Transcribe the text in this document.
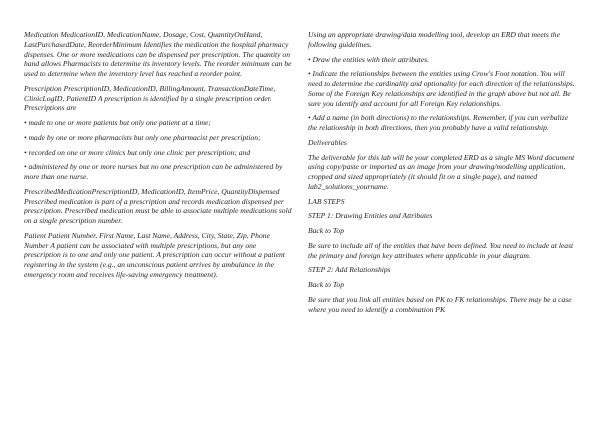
Medication MedicationID, MedicationName, Dosage, Cost, QuantityOnHand, LastPurchasedDate, ReorderMinimum Identifies the medication the hospital pharmacy dispenses. One or more medications can be dispensed per prescription. The quantity on hand allows Pharmacists to determine its inventory levels. The reorder minimum can be used to determine when the inventory level has reached a reorder point.

Prescription PrescriptionID, MedicationID, BillingAmount, TransactionDateTime, ClinicLogID, PatientID A prescription is identified by a single prescription order. Prescriptions are

• made to one or more patients but only one patient at a time;

• made by one or more pharmacists but only one pharmacist per prescription;

• recorded on one or more clinics but only one clinic per prescription; and

• administered by one or more nurses but no one prescription can be administered by more than one nurse.

PrescribedMedicationPrescriptionID, MedicationID, ItemPrice, QuantityDispensed Prescribed medication is part of a prescription and records medication dispensed per prescription. Prescribed medication must be able to associate multiple medications sold on a single prescription number.

Patient Patient Number, First Name, Last Name, Address, City, State, Zip, Phone Number A patient can be associated with multiple prescriptions, but any one prescription is to one and only one patient. A prescription can occur without a patient registering in the system (e.g., an unconscious patient arrives by ambulance in the emergency room and receives life-saving emergency treatment).

Using an appropriate drawing/data modelling tool, develop an ERD that meets the following guidelines.

• Draw the entities with their attributes.

• Indicate the relationships between the entities using Crow's Foot notation. You will need to determine the cardinality and optionality for each direction of the relationships. Some of the Foreign Key relationships are identified in the graph above but not all. Be sure you identify and account for all Foreign Key relationships.

• Add a name (in both directions) to the relationships. Remember, if you can verbalize the relationship in both directions, then you probably have a valid relationship.

Deliverables

The deliverable for this lab will be your completed ERD as a single MS Word document using copy/paste or imported as an image from your drawing/modelling application, cropped and sized appropriately (it should fit on a single page), and named lab2_solutions_yourname.

LAB STEPS

STEP 1: Drawing Entities and Attributes

Back to Top

Be sure to include all of the entities that have been defined. You need to include at least the primary and foreign key attributes where applicable in your diagram.

STEP 2: Add Relationships

Back to Top

Be sure that you link all entities based on PK to FK relationships. There may be a case where you need to identify a combination PK
